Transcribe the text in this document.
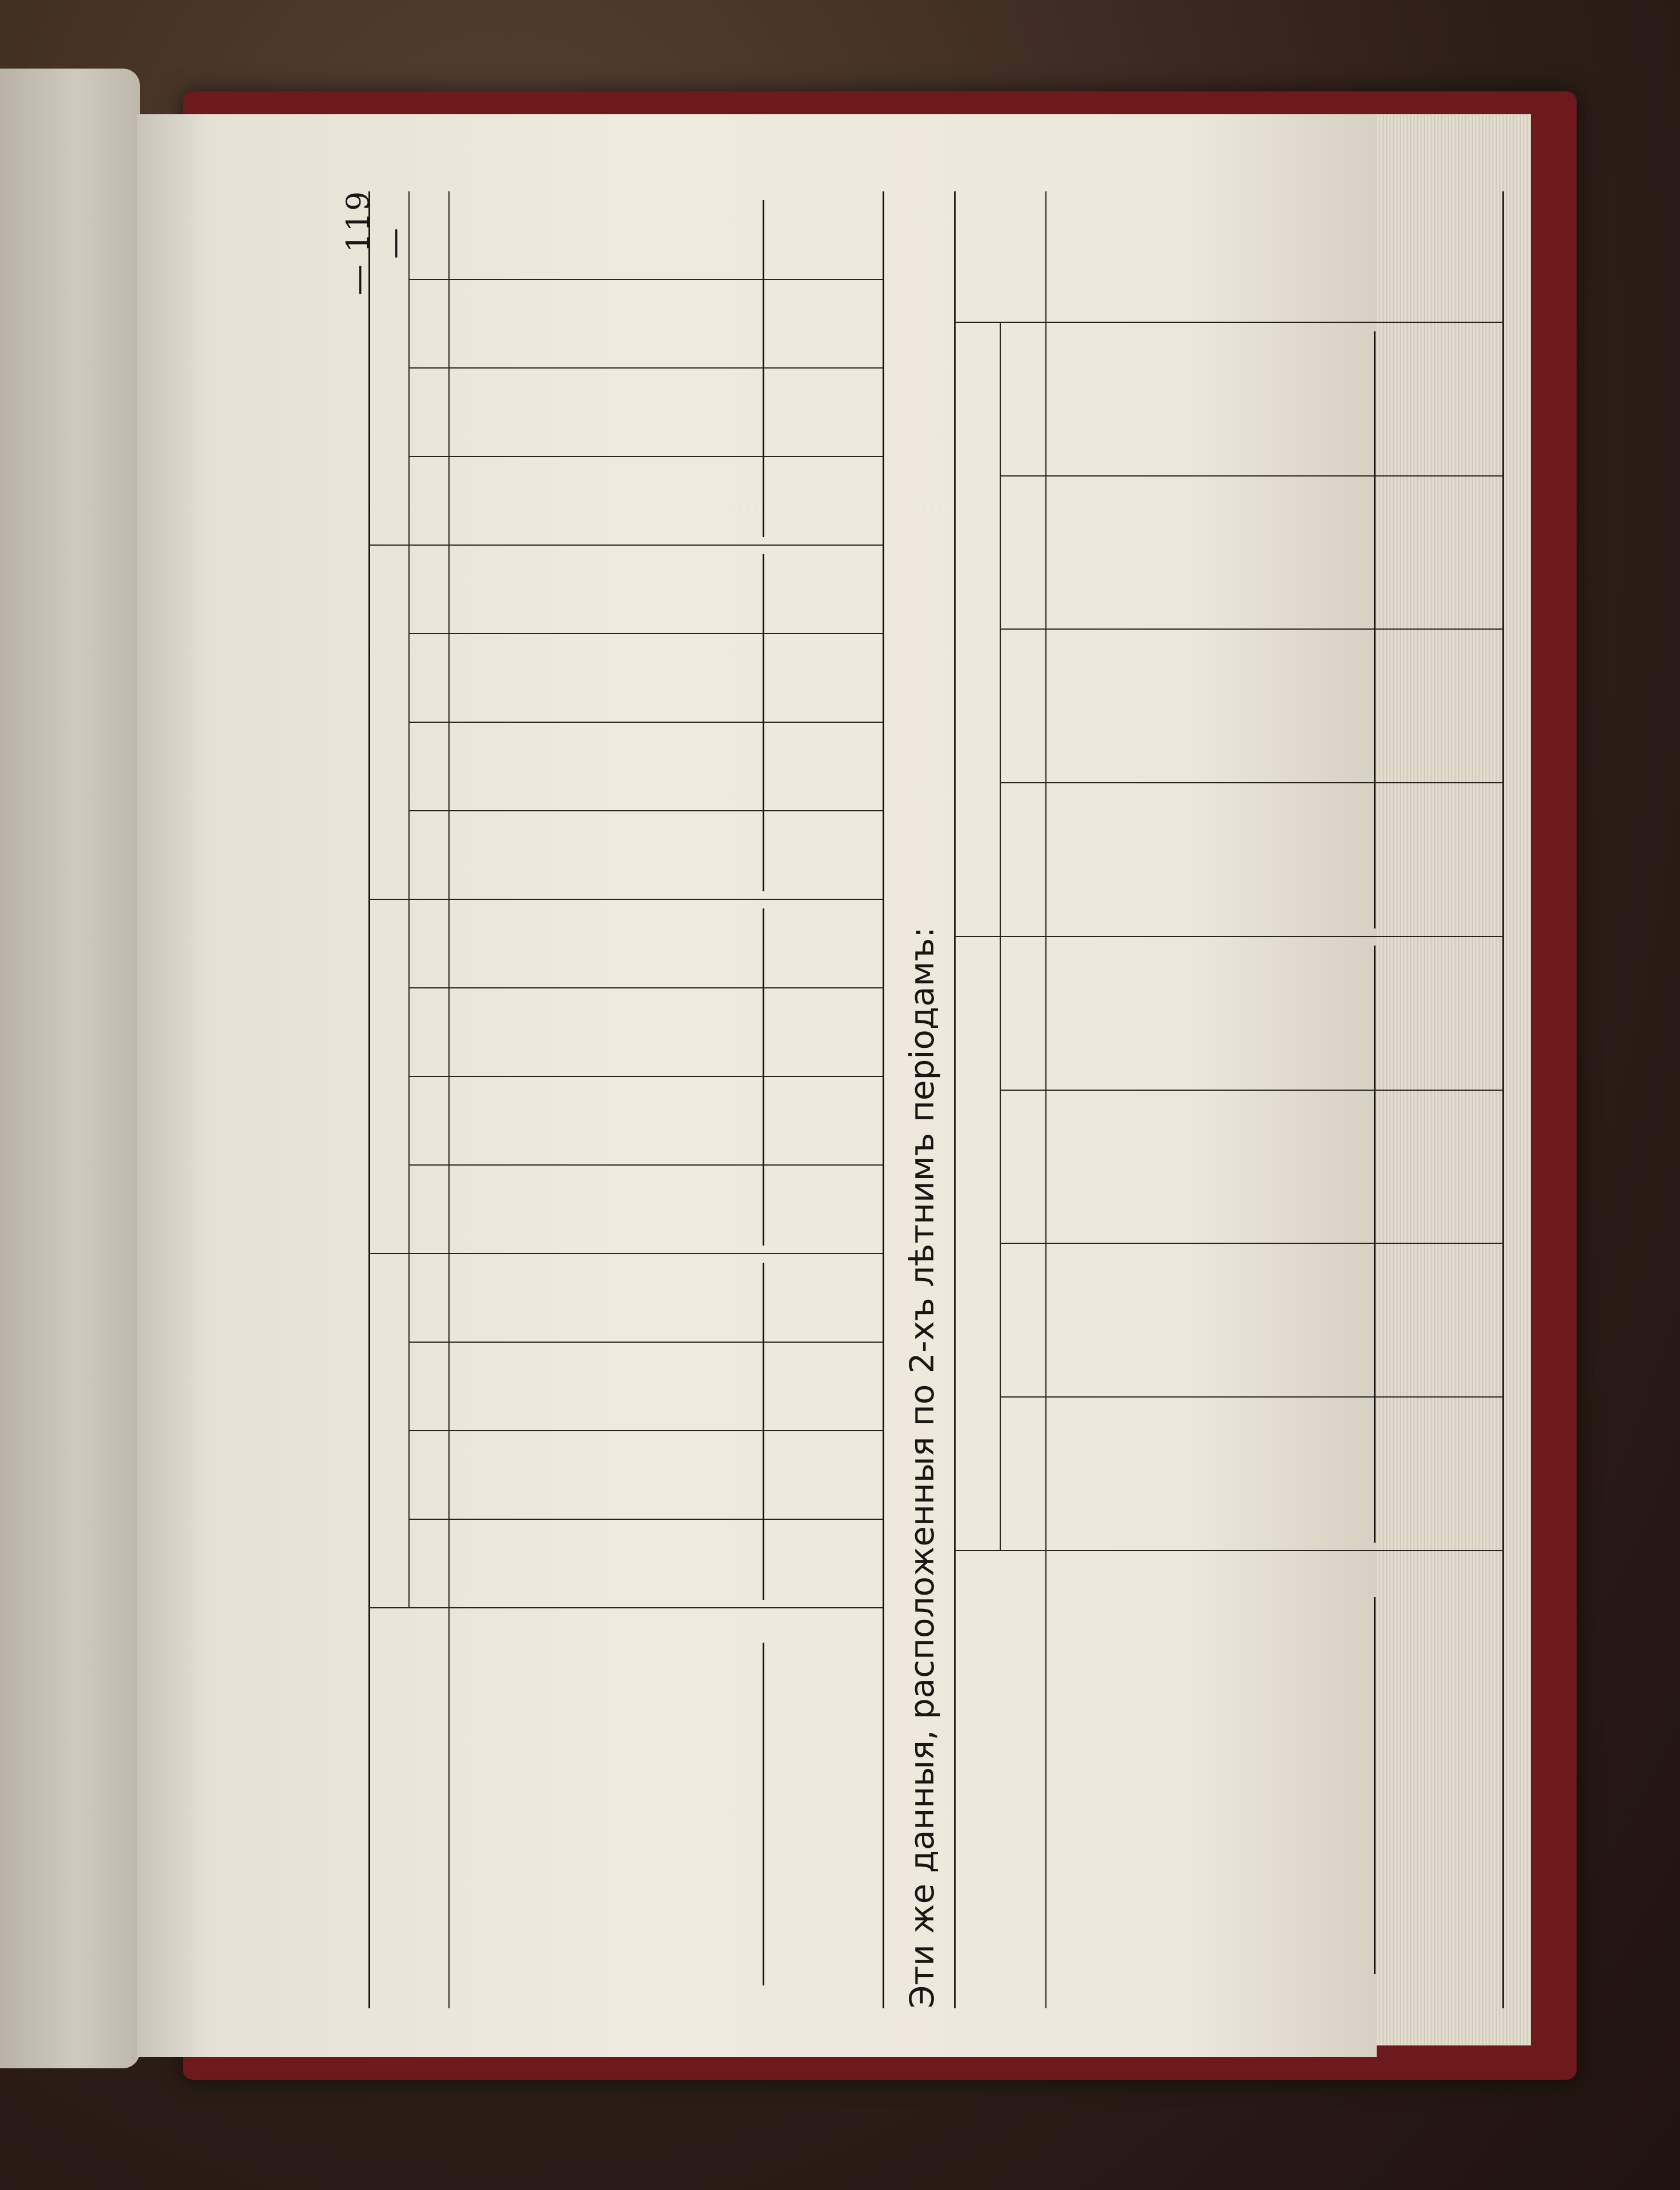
— 119 —
Эти же данныя, расположенныя по 2-хъ лѣтнимъ періодамъ:
